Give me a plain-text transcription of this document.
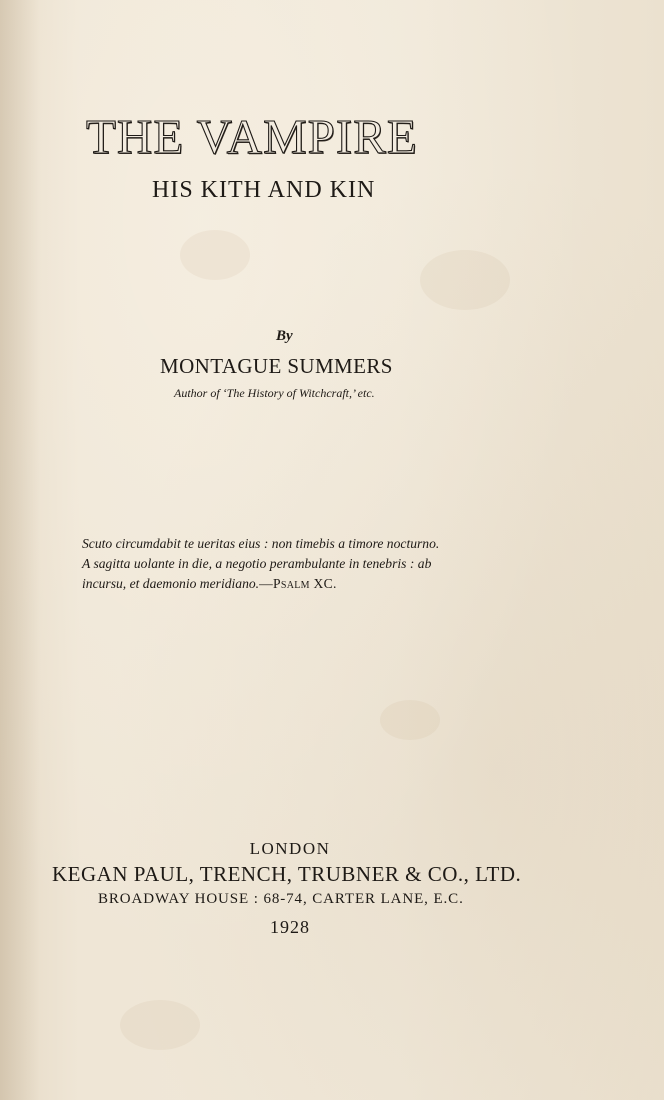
THE VAMPIRE
HIS KITH AND KIN
By
MONTAGUE SUMMERS
Author of ‘The History of Witchcraft,’ etc.
Scuto circumdabit te ueritas eius : non timebis a timore nocturno.
A sagitta uolante in die, a negotio perambulante in tenebris : ab
incursu, et daemonio meridiano.—Psalm XC.
LONDON
KEGAN PAUL, TRENCH, TRUBNER & CO., LTD.
BROADWAY HOUSE : 68-74, CARTER LANE, E.C.
1928
